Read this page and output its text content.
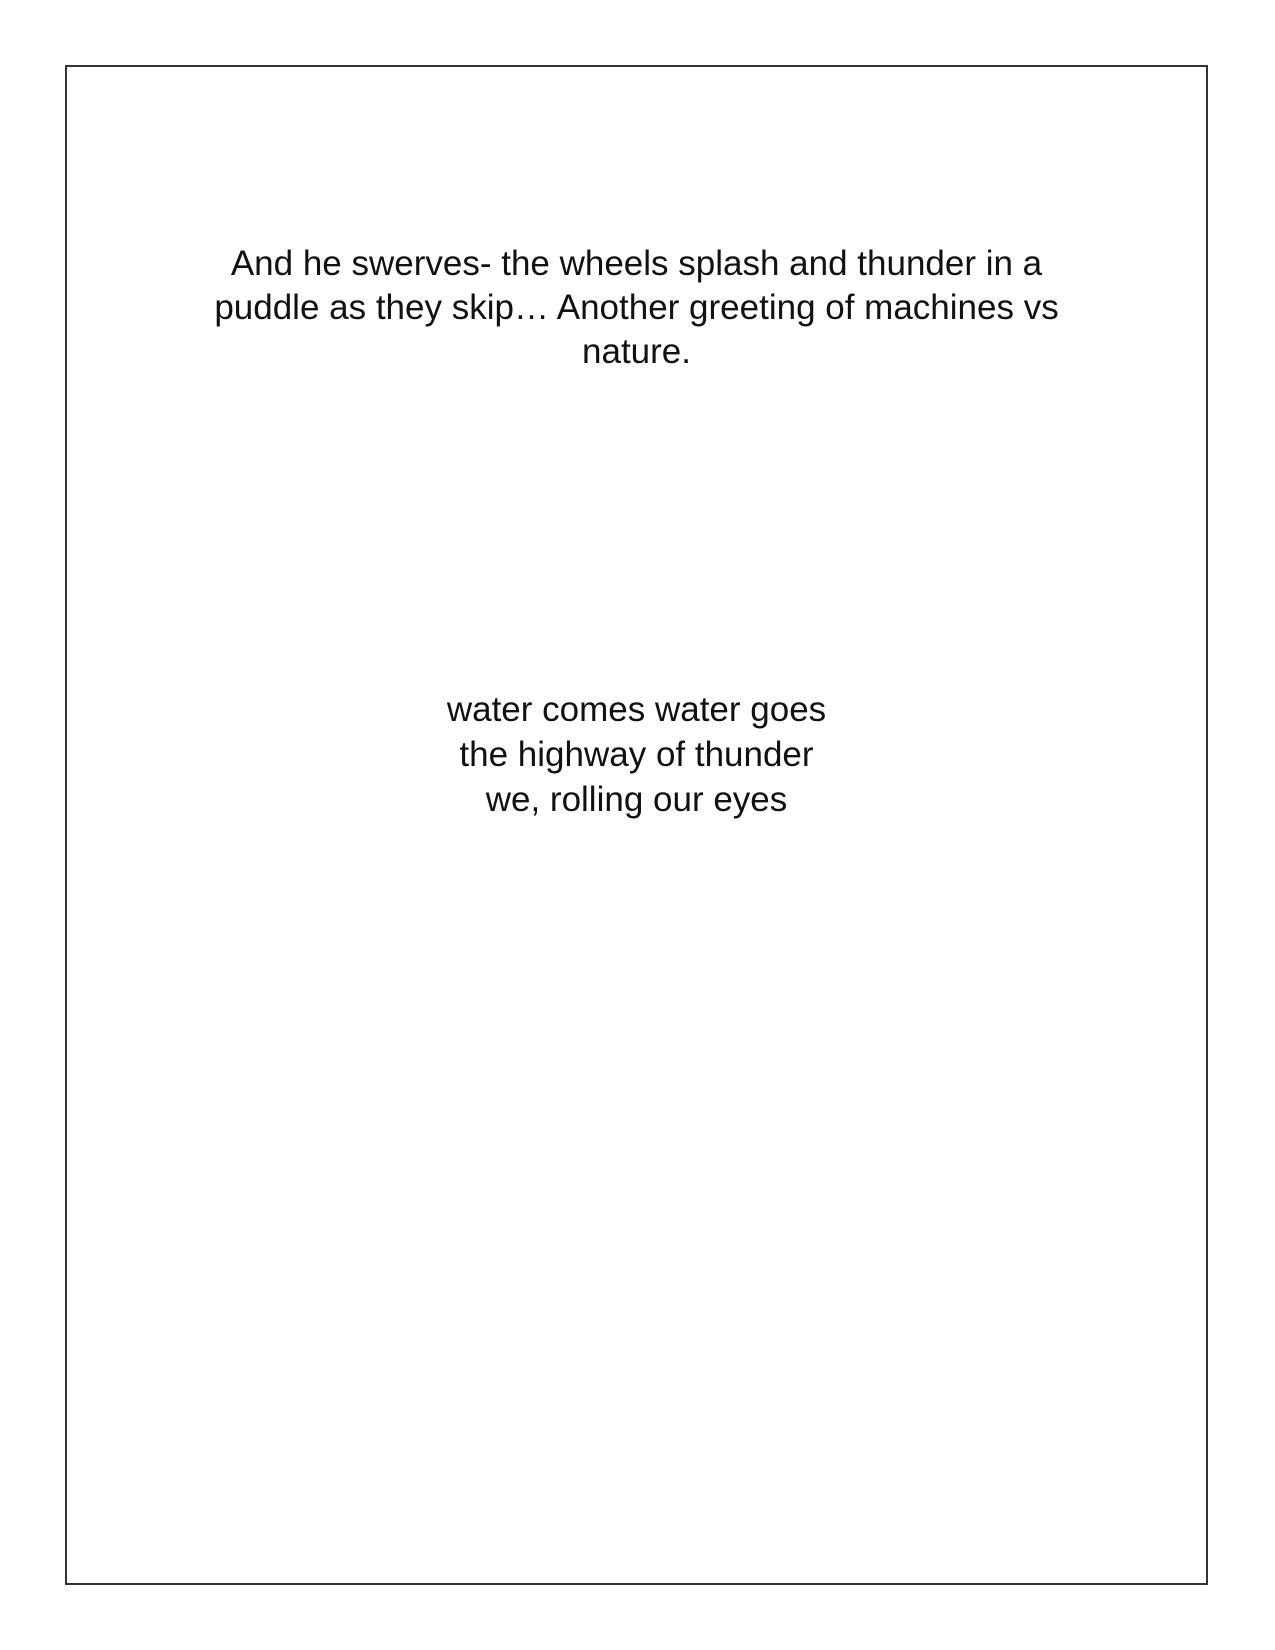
And he swerves- the wheels splash and thunder in a
puddle as they skip… Another greeting of machines vs
nature.
water comes water goes
the highway of thunder
we, rolling our eyes
